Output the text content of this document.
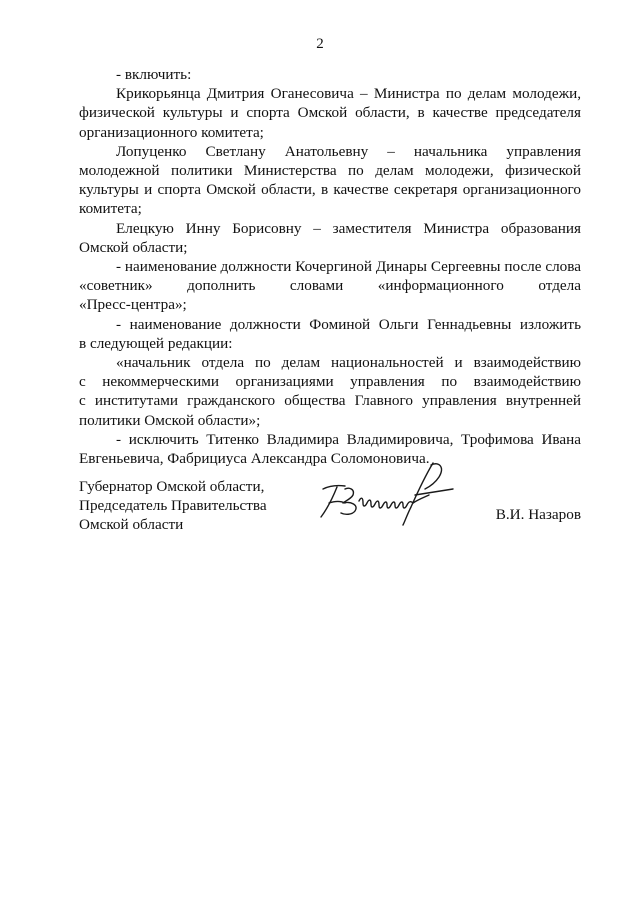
2

- включить:

Крикорьянца Дмитрия Оганесовича – Министра по делам молодежи,

физической культуры и спорта Омской области, в качестве председателя

организационного комитета;

Лопуценко Светлану Анатольевну – начальника управления

молодежной политики Министерства по делам молодежи, физической

культуры и спорта Омской области, в качестве секретаря организационного

комитета;

Елецкую Инну Борисовну – заместителя Министра образования

Омской области;

- наименование должности Кочергиной Динары Сергеевны после слова

«советник» дополнить словами «информационного отдела

«Пресс-центра»;

- наименование должности Фоминой Ольги Геннадьевны изложить

в следующей редакции:

«начальник отдела по делам национальностей и взаимодействию

с некоммерческими организациями управления по взаимодействию

с институтами гражданского общества Главного управления внутренней

политики Омской области»;

- исключить Титенко Владимира Владимировича, Трофимова Ивана

Евгеньевича, Фабрициуса Александра Соломоновича.

Губернатор Омской области,
Председатель Правительства
Омской области
В.И. Назаров
